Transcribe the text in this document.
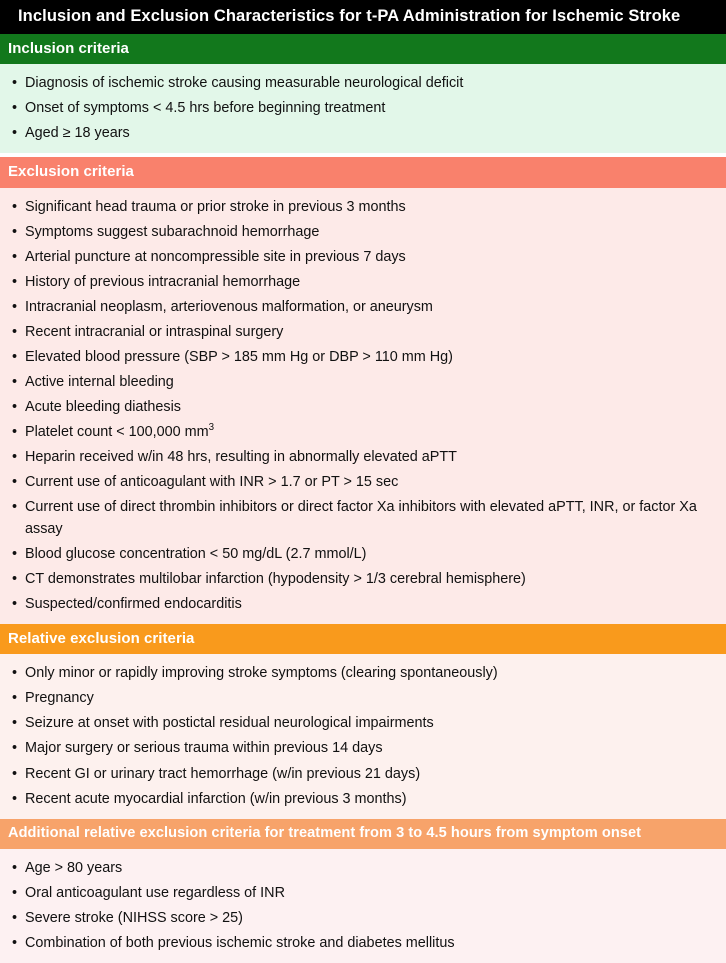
Inclusion and Exclusion Characteristics for t-PA Administration for Ischemic Stroke
Inclusion criteria
• Diagnosis of ischemic stroke causing measurable neurological deficit
• Onset of symptoms < 4.5 hrs before beginning treatment
• Aged ≥ 18 years
Exclusion criteria
• Significant head trauma or prior stroke in previous 3 months
• Symptoms suggest subarachnoid hemorrhage
• Arterial puncture at noncompressible site in previous 7 days
• History of previous intracranial hemorrhage
• Intracranial neoplasm, arteriovenous malformation, or aneurysm
• Recent intracranial or intraspinal surgery
• Elevated blood pressure (SBP > 185 mm Hg or DBP > 110 mm Hg)
• Active internal bleeding
• Acute bleeding diathesis
• Platelet count < 100,000 $mm^3$
• Heparin received w/in 48 hrs, resulting in abnormally elevated aPTT
• Current use of anticoagulant with INR > 1.7 or PT > 15 sec
• Current use of direct thrombin inhibitors or direct factor Xa inhibitors with elevated aPTT, INR, or factor Xa assay
• Blood glucose concentration < 50 mg/dL (2.7 mmol/L)
• CT demonstrates multilobar infarction (hypodensity > 1/3 cerebral hemisphere)
• Suspected/confirmed endocarditis
Relative exclusion criteria
• Only minor or rapidly improving stroke symptoms (clearing spontaneously)
• Pregnancy
• Seizure at onset with postictal residual neurological impairments
• Major surgery or serious trauma within previous 14 days
• Recent GI or urinary tract hemorrhage (w/in previous 21 days)
• Recent acute myocardial infarction (w/in previous 3 months)
Additional relative exclusion criteria for treatment from 3 to 4.5 hours from symptom onset
• Age > 80 years
• Oral anticoagulant use regardless of INR
• Severe stroke (NIHSS score > 25)
• Combination of both previous ischemic stroke and diabetes mellitus
